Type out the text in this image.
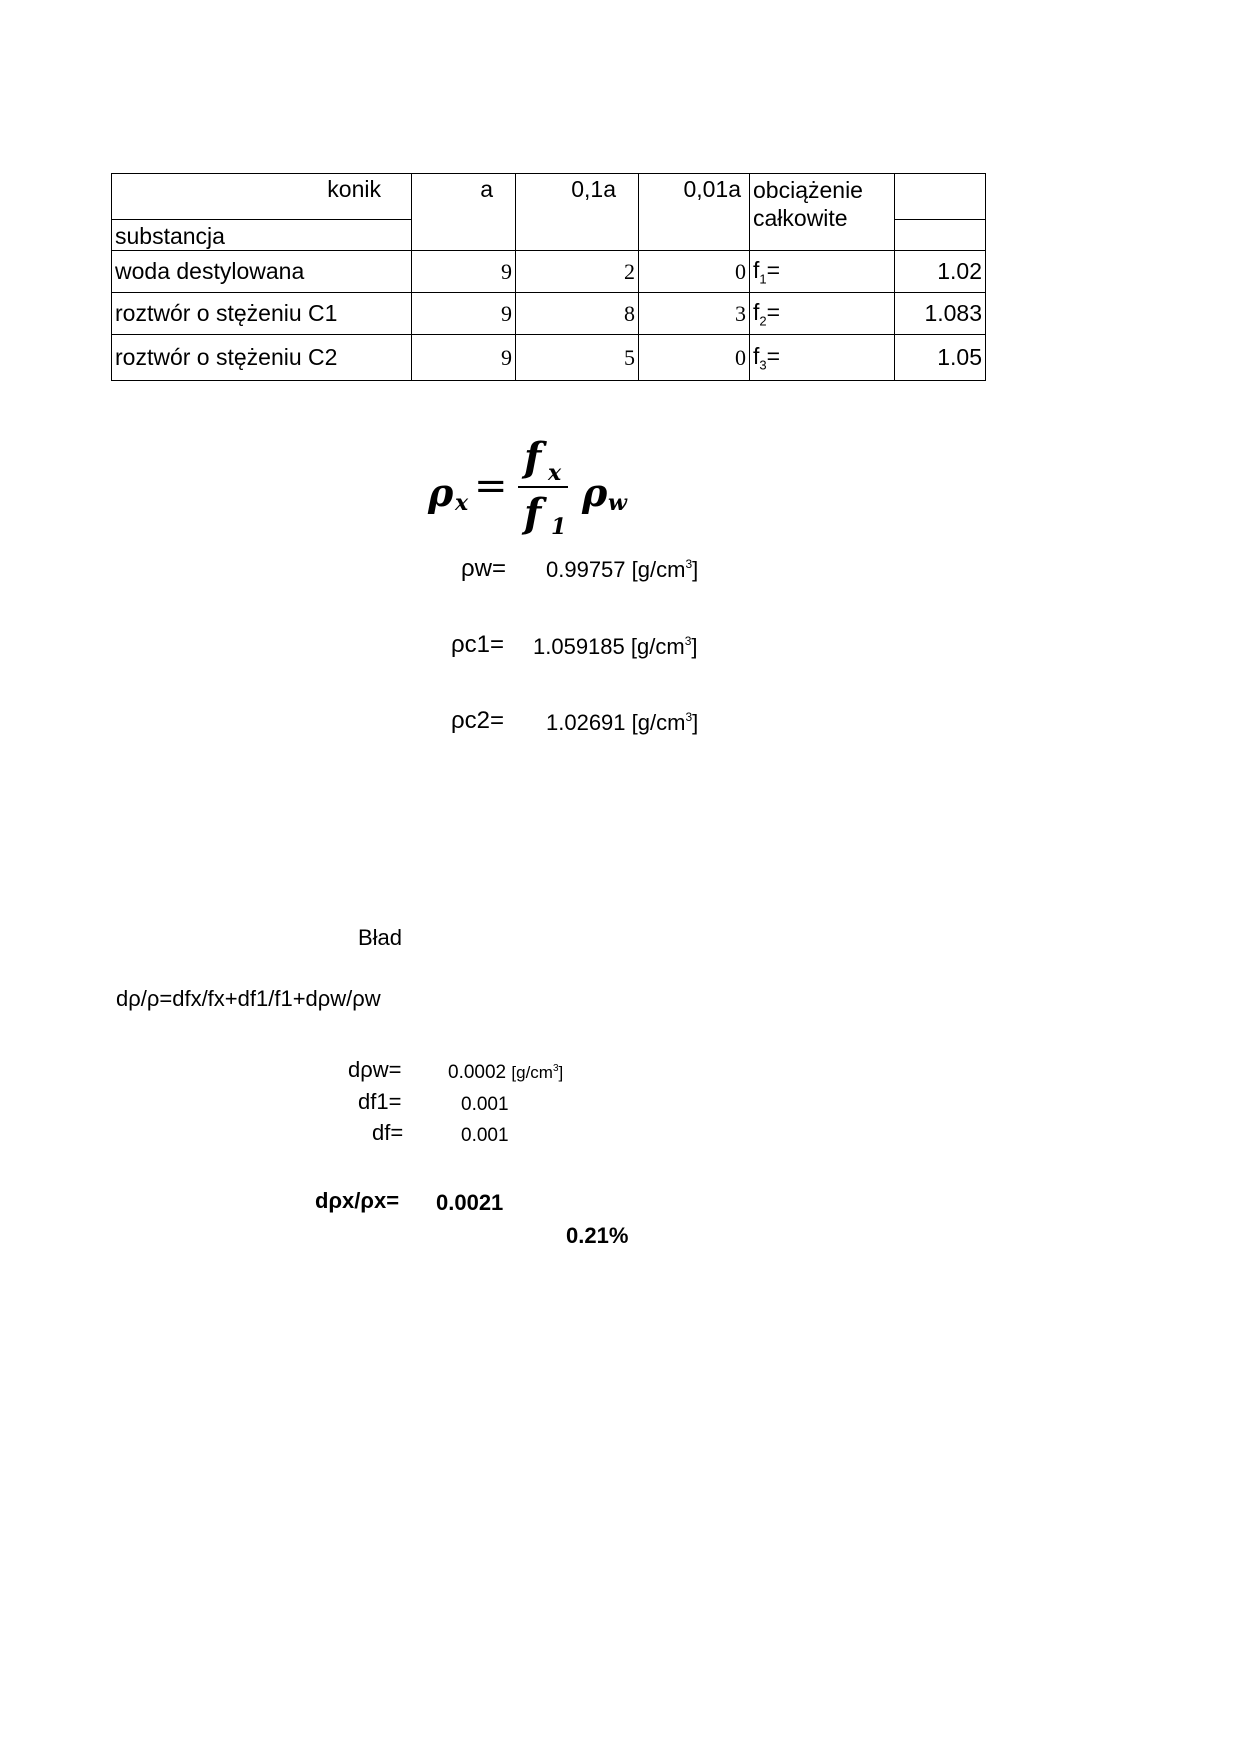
konik	a	0,1a	0,01a	obciążenie całkowite	
substancja					
woda destylowana	9	2	0	$f_1=$	1.02
roztwór o stężeniu C1	9	8	3	$f_2=$	1.083
roztwór o stężeniu C2	9	5	0	$f_3=$	1.05
ρ x =
f x
f 1
ρ w
ρw= 0.99757 $[g/cm^3]$
ρc1= 1.059185 $[g/cm^3]$
ρc2= 1.02691 $[g/cm^3]$
Bład
dρ/ρ=dfx/fx+df1/f1+dρw/ρw
dρw= 0.0002 $[g/cm^3]$
df1=	0.001
df=	0.001
dρx/ρx= 0.0021
0.21%
